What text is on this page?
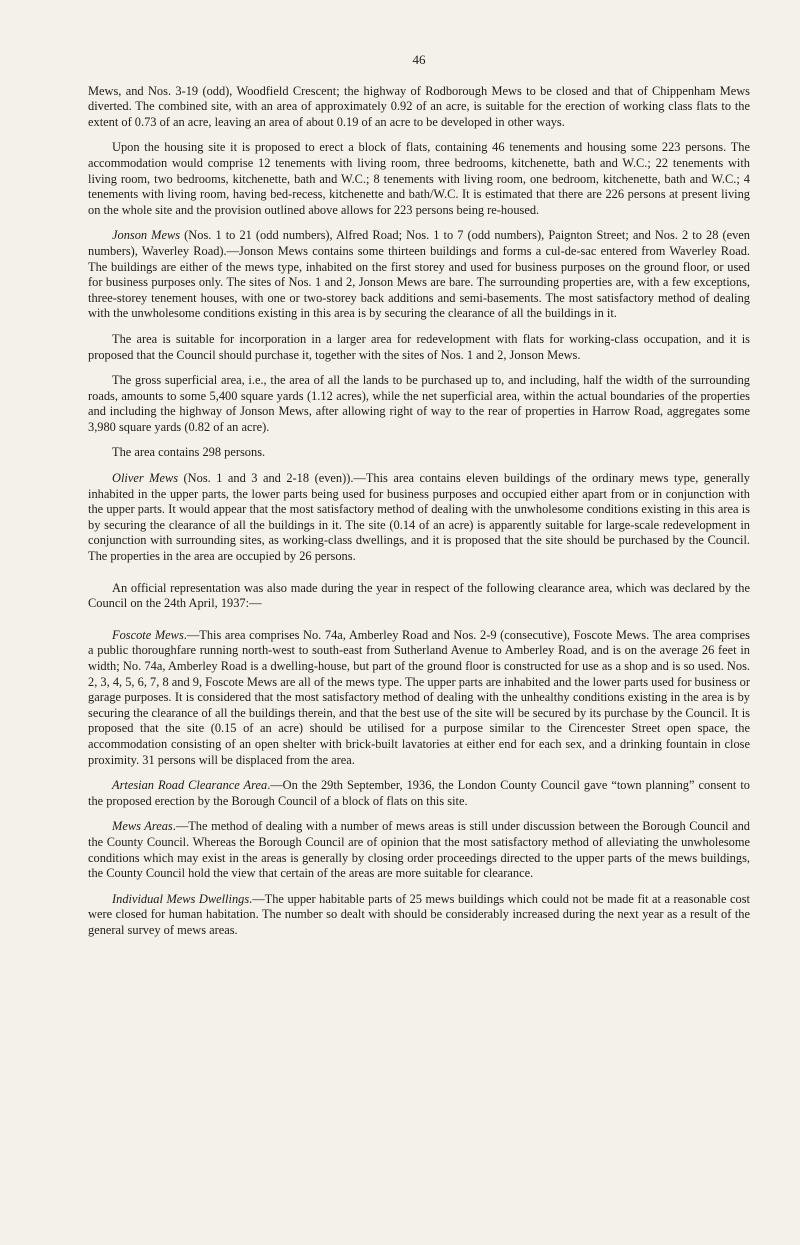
46

Mews, and Nos. 3-19 (odd), Woodfield Crescent; the highway of Rodborough Mews to be closed and that of Chippenham Mews diverted. The combined site, with an area of approximately 0.92 of an acre, is suitable for the erection of working class flats to the extent of 0.73 of an acre, leaving an area of about 0.19 of an acre to be developed in other ways.

Upon the housing site it is proposed to erect a block of flats, containing 46 tenements and housing some 223 persons. The accommodation would comprise 12 tenements with living room, three bedrooms, kitchenette, bath and W.C.; 22 tenements with living room, two bedrooms, kitchenette, bath and W.C.; 8 tenements with living room, one bedroom, kitchenette, bath and W.C.; 4 tenements with living room, having bed-recess, kitchenette and bath/W.C. It is estimated that there are 226 persons at present living on the whole site and the provision outlined above allows for 223 persons being re-housed.

Jonson Mews (Nos. 1 to 21 (odd numbers), Alfred Road; Nos. 1 to 7 (odd numbers), Paignton Street; and Nos. 2 to 28 (even numbers), Waverley Road).—Jonson Mews contains some thirteen buildings and forms a cul-de-sac entered from Waverley Road. The buildings are either of the mews type, inhabited on the first storey and used for business purposes on the ground floor, or used for business purposes only. The sites of Nos. 1 and 2, Jonson Mews are bare. The surrounding properties are, with a few exceptions, three-storey tenement houses, with one or two-storey back additions and semi-basements. The most satisfactory method of dealing with the unwholesome conditions existing in this area is by securing the clearance of all the buildings in it.

The area is suitable for incorporation in a larger area for redevelopment with flats for working-class occupation, and it is proposed that the Council should purchase it, together with the sites of Nos. 1 and 2, Jonson Mews.

The gross superficial area, i.e., the area of all the lands to be purchased up to, and including, half the width of the surrounding roads, amounts to some 5,400 square yards (1.12 acres), while the net superficial area, within the actual boundaries of the properties and including the highway of Jonson Mews, after allowing right of way to the rear of properties in Harrow Road, aggregates some 3,980 square yards (0.82 of an acre).

The area contains 298 persons.

Oliver Mews (Nos. 1 and 3 and 2-18 (even)).—This area contains eleven buildings of the ordinary mews type, generally inhabited in the upper parts, the lower parts being used for business purposes and occupied either apart from or in conjunction with the upper parts. It would appear that the most satisfactory method of dealing with the unwholesome conditions existing in this area is by securing the clearance of all the buildings in it. The site (0.14 of an acre) is apparently suitable for large-scale redevelopment in conjunction with surrounding sites, as working-class dwellings, and it is proposed that the site should be purchased by the Council. The properties in the area are occupied by 26 persons.

An official representation was also made during the year in respect of the following clearance area, which was declared by the Council on the 24th April, 1937:—

Foscote Mews.—This area comprises No. 74a, Amberley Road and Nos. 2-9 (consecutive), Foscote Mews. The area comprises a public thoroughfare running north-west to south-east from Sutherland Avenue to Amberley Road, and is on the average 26 feet in width; No. 74a, Amberley Road is a dwelling-house, but part of the ground floor is constructed for use as a shop and is so used. Nos. 2, 3, 4, 5, 6, 7, 8 and 9, Foscote Mews are all of the mews type. The upper parts are inhabited and the lower parts used for business or garage purposes. It is considered that the most satisfactory method of dealing with the unhealthy conditions existing in the area is by securing the clearance of all the buildings therein, and that the best use of the site will be secured by its purchase by the Council. It is proposed that the site (0.15 of an acre) should be utilised for a purpose similar to the Cirencester Street open space, the accommodation consisting of an open shelter with brick-built lavatories at either end for each sex, and a drinking fountain in close proximity. 31 persons will be displaced from the area.

Artesian Road Clearance Area.—On the 29th September, 1936, the London County Council gave “town planning” consent to the proposed erection by the Borough Council of a block of flats on this site.

Mews Areas.—The method of dealing with a number of mews areas is still under discussion between the Borough Council and the County Council. Whereas the Borough Council are of opinion that the most satisfactory method of alleviating the unwholesome conditions which may exist in the areas is generally by closing order proceedings directed to the upper parts of the mews buildings, the County Council hold the view that certain of the areas are more suitable for clearance.

Individual Mews Dwellings.—The upper habitable parts of 25 mews buildings which could not be made fit at a reasonable cost were closed for human habitation. The number so dealt with should be considerably increased during the next year as a result of the general survey of mews areas.
